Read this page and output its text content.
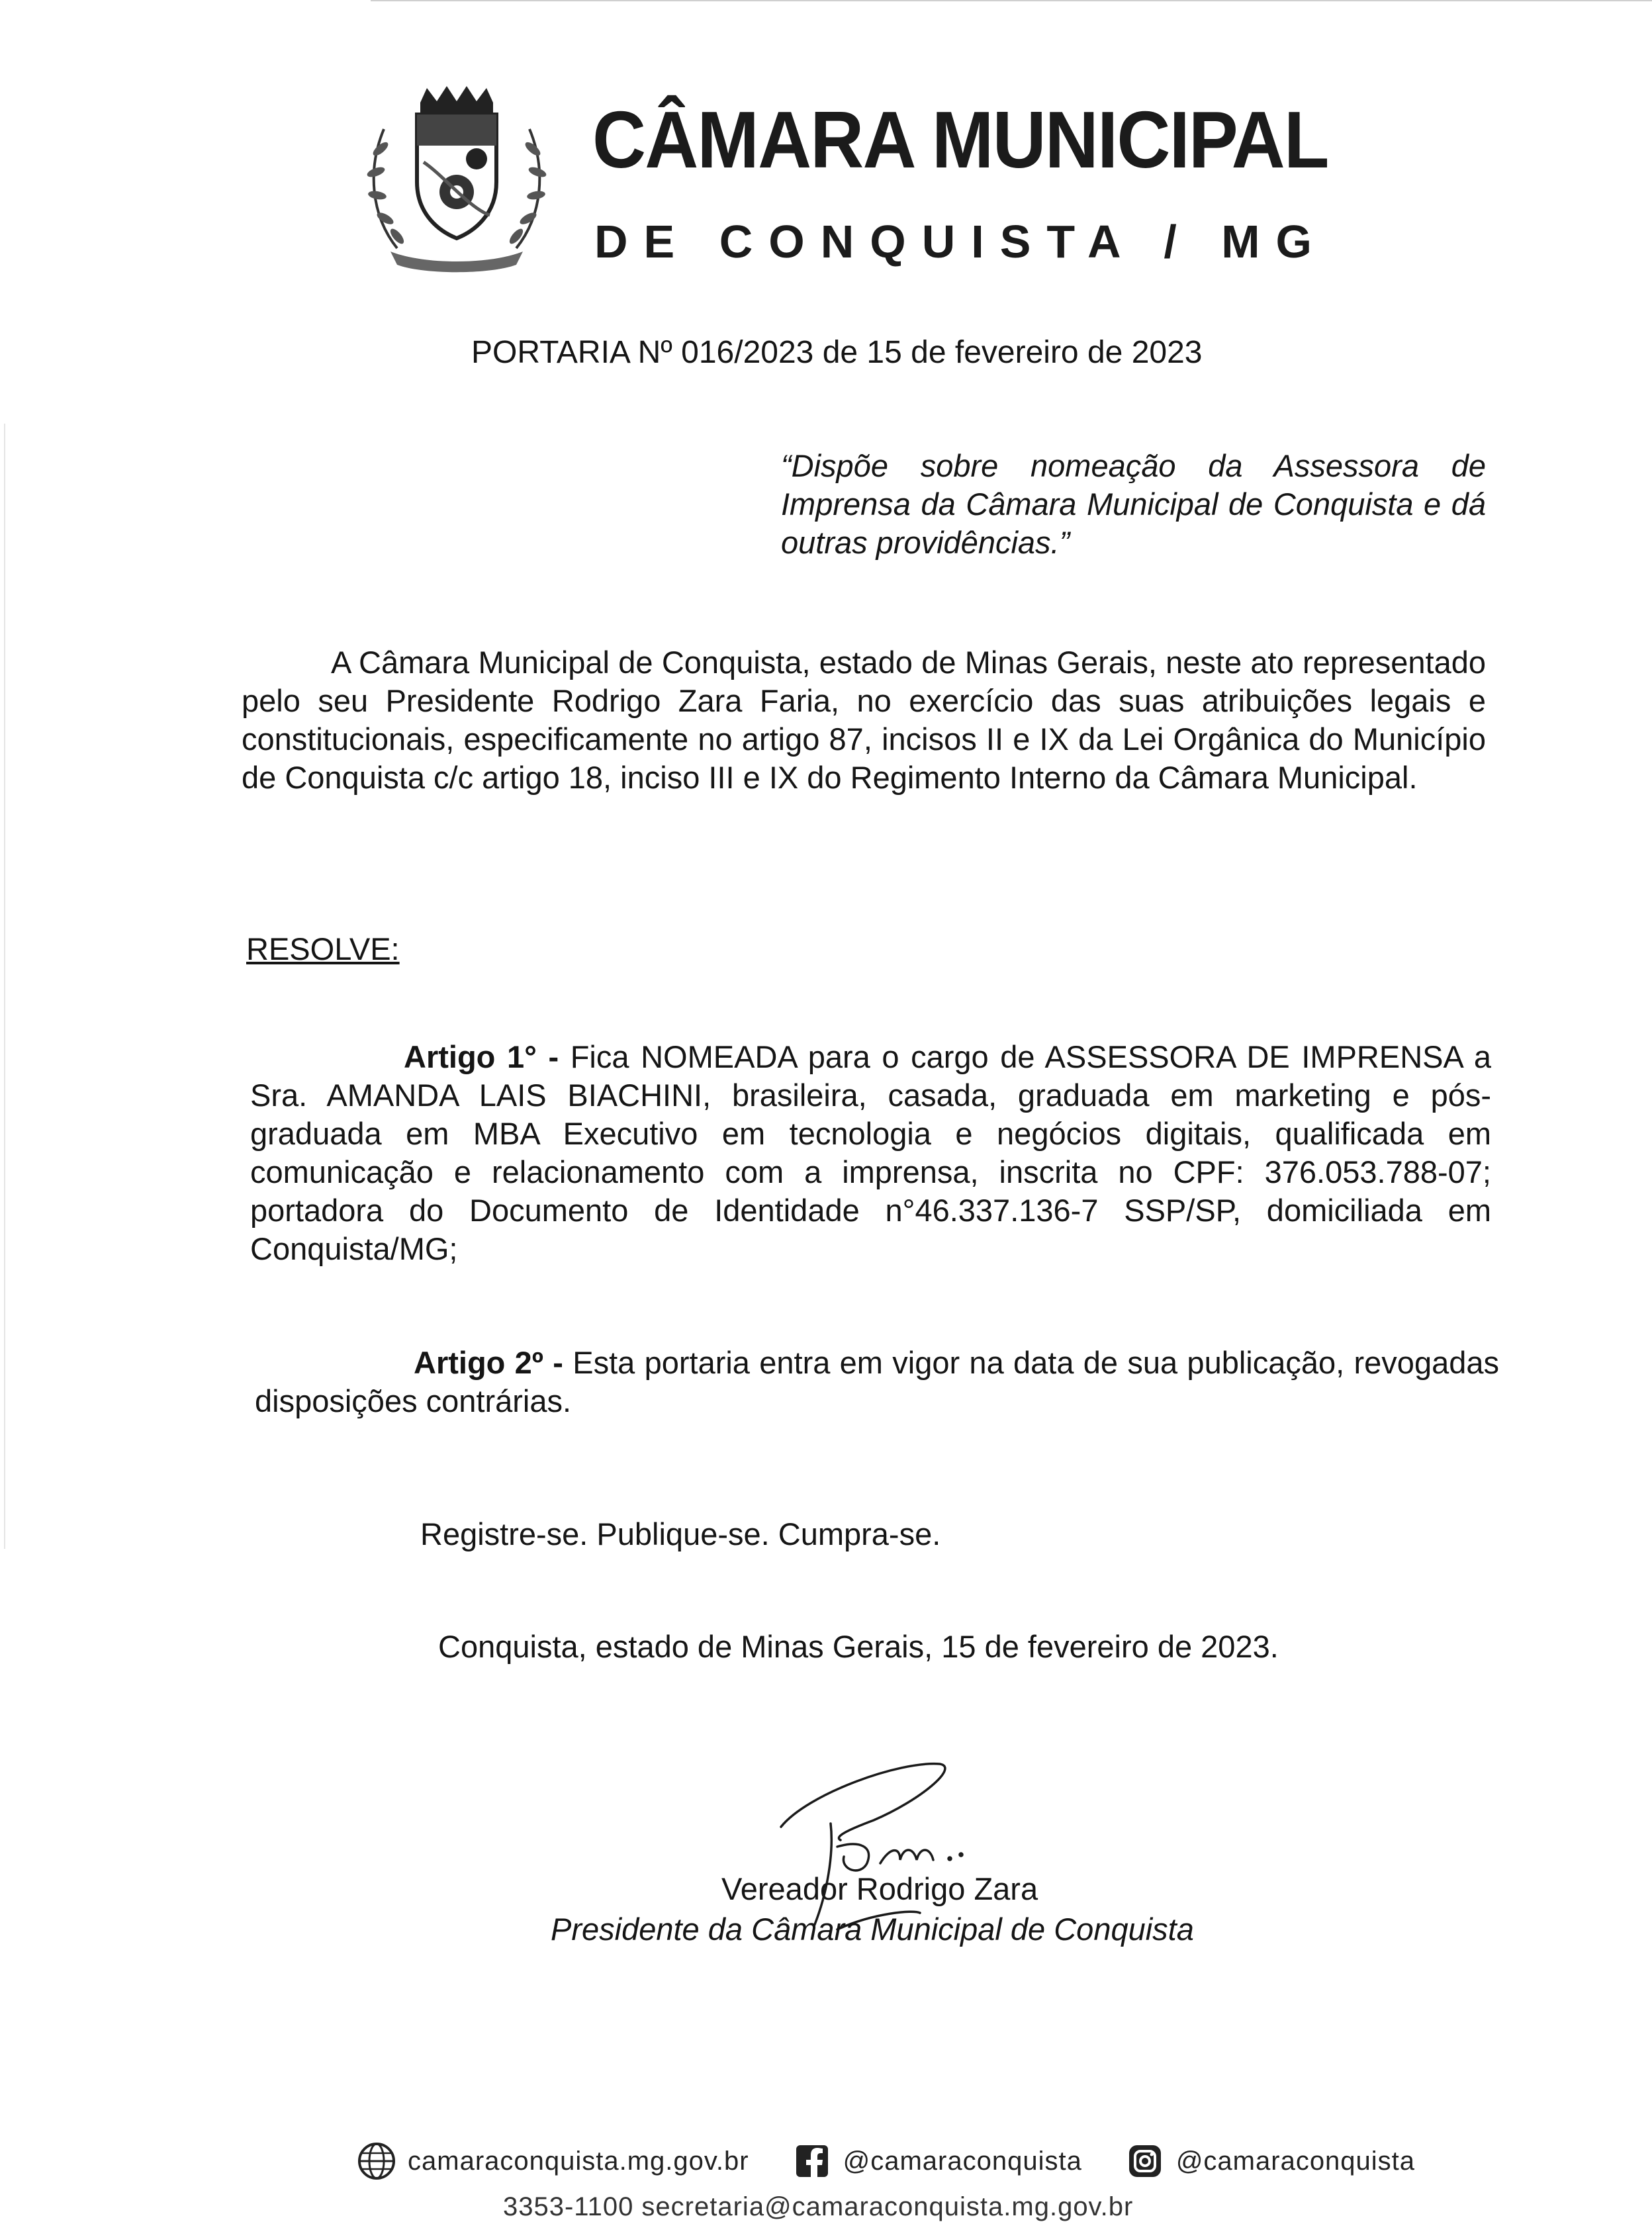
CÂMARA MUNICIPAL
DE CONQUISTA / MG
PORTARIA Nº 016/2023 de 15 de fevereiro de 2023
“Dispõe sobre nomeação da Assessora de Imprensa da Câmara Municipal de Conquista e dá outras providências.”
A Câmara Municipal de Conquista, estado de Minas Gerais, neste ato representado pelo seu Presidente Rodrigo Zara Faria, no exercício das suas atribuições legais e constitucionais, especificamente no artigo 87, incisos II e IX da Lei Orgânica do Município de Conquista c/c artigo 18, inciso III e IX do Regimento Interno da Câmara Municipal.
RESOLVE:
Artigo 1° - Fica NOMEADA para o cargo de ASSESSORA DE IMPRENSA a Sra. AMANDA LAIS BIACHINI, brasileira, casada, graduada em marketing e pós-graduada em MBA Executivo em tecnologia e negócios digitais, qualificada em comunicação e relacionamento com a imprensa, inscrita no CPF: 376.053.788-07; portadora do Documento de Identidade n°46.337.136-7 SSP/SP, domiciliada em Conquista/MG;
Artigo 2º - Esta portaria entra em vigor na data de sua publicação, revogadas disposições contrárias.
Registre-se. Publique-se. Cumpra-se.
Conquista, estado de Minas Gerais, 15 de fevereiro de 2023.
Vereador Rodrigo Zara
Presidente da Câmara Municipal de Conquista
camaraconquista.mg.gov.br	@camaraconquista	@camaraconquista
3353-1100 secretaria@camaraconquista.mg.gov.br
